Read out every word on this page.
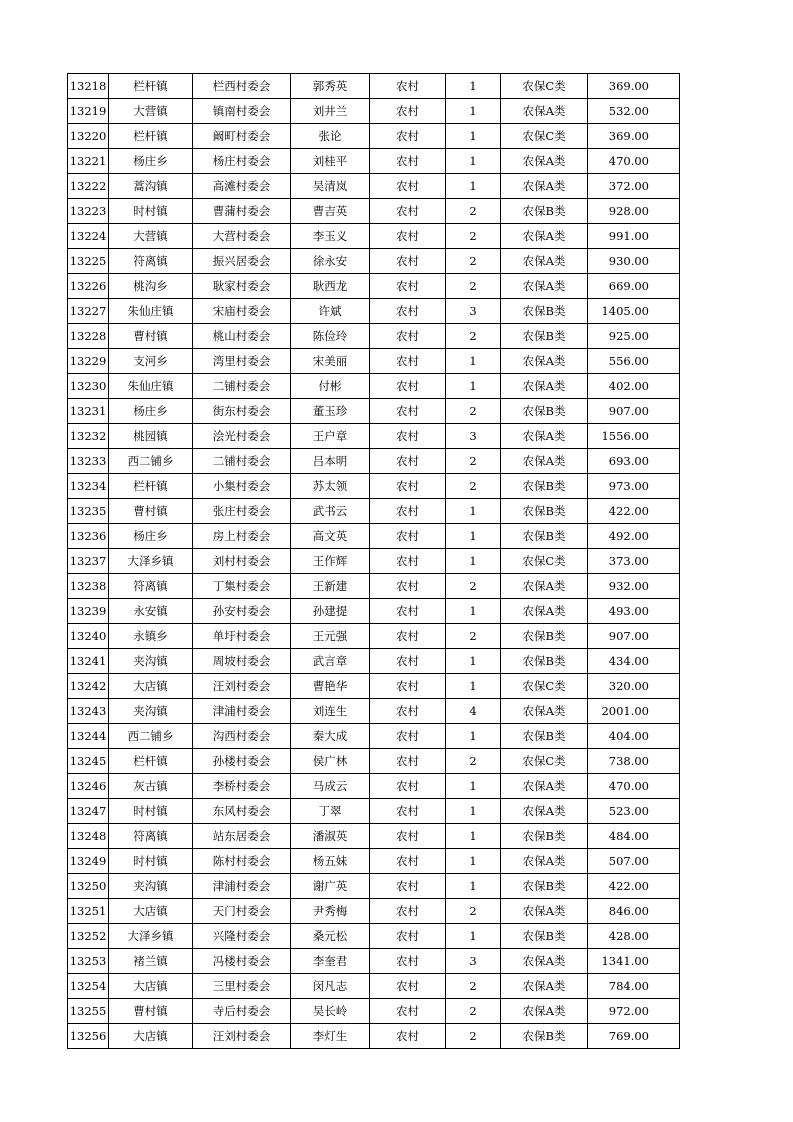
13218	栏杆镇	栏西村委会	郭秀英	农村	1	农保C类	369.00
13219	大营镇	镇南村委会	刘井兰	农村	1	农保A类	532.00
13220	栏杆镇	阚町村委会	张论	农村	1	农保C类	369.00
13221	杨庄乡	杨庄村委会	刘桂平	农村	1	农保A类	470.00
13222	蒿沟镇	高滩村委会	吴清岚	农村	1	农保A类	372.00
13223	时村镇	曹蒲村委会	曹吉英	农村	2	农保B类	928.00
13224	大营镇	大营村委会	李玉义	农村	2	农保A类	991.00
13225	符离镇	振兴居委会	徐永安	农村	2	农保A类	930.00
13226	桃沟乡	耿家村委会	耿西龙	农村	2	农保A类	669.00
13227	朱仙庄镇	宋庙村委会	许斌	农村	3	农保B类	1405.00
13228	曹村镇	桃山村委会	陈俭玲	农村	2	农保B类	925.00
13229	支河乡	湾里村委会	宋美丽	农村	1	农保A类	556.00
13230	朱仙庄镇	二铺村委会	付彬	农村	1	农保A类	402.00
13231	杨庄乡	街东村委会	董玉珍	农村	2	农保B类	907.00
13232	桃园镇	浍光村委会	王户章	农村	3	农保A类	1556.00
13233	西二铺乡	二铺村委会	吕本明	农村	2	农保A类	693.00
13234	栏杆镇	小集村委会	苏太领	农村	2	农保B类	973.00
13235	曹村镇	张庄村委会	武书云	农村	1	农保B类	422.00
13236	杨庄乡	房上村委会	高文英	农村	1	农保B类	492.00
13237	大泽乡镇	刘村村委会	王作辉	农村	1	农保C类	373.00
13238	符离镇	丁集村委会	王新建	农村	2	农保A类	932.00
13239	永安镇	孙安村委会	孙建提	农村	1	农保A类	493.00
13240	永镇乡	单圩村委会	王元强	农村	2	农保B类	907.00
13241	夹沟镇	周坡村委会	武言章	农村	1	农保B类	434.00
13242	大店镇	汪刘村委会	曹艳华	农村	1	农保C类	320.00
13243	夹沟镇	津浦村委会	刘连生	农村	4	农保A类	2001.00
13244	西二铺乡	沟西村委会	秦大成	农村	1	农保B类	404.00
13245	栏杆镇	孙楼村委会	侯广林	农村	2	农保C类	738.00
13246	灰古镇	李桥村委会	马成云	农村	1	农保A类	470.00
13247	时村镇	东风村委会	丁翠	农村	1	农保A类	523.00
13248	符离镇	站东居委会	潘淑英	农村	1	农保B类	484.00
13249	时村镇	陈村村委会	杨五妹	农村	1	农保A类	507.00
13250	夹沟镇	津浦村委会	谢广英	农村	1	农保B类	422.00
13251	大店镇	天门村委会	尹秀梅	农村	2	农保A类	846.00
13252	大泽乡镇	兴隆村委会	桑元松	农村	1	农保B类	428.00
13253	褚兰镇	冯楼村委会	李奎君	农村	3	农保A类	1341.00
13254	大店镇	三里村委会	闵凡志	农村	2	农保A类	784.00
13255	曹村镇	寺后村委会	吴长岭	农村	2	农保A类	972.00
13256	大店镇	汪刘村委会	李灯生	农村	2	农保B类	769.00
